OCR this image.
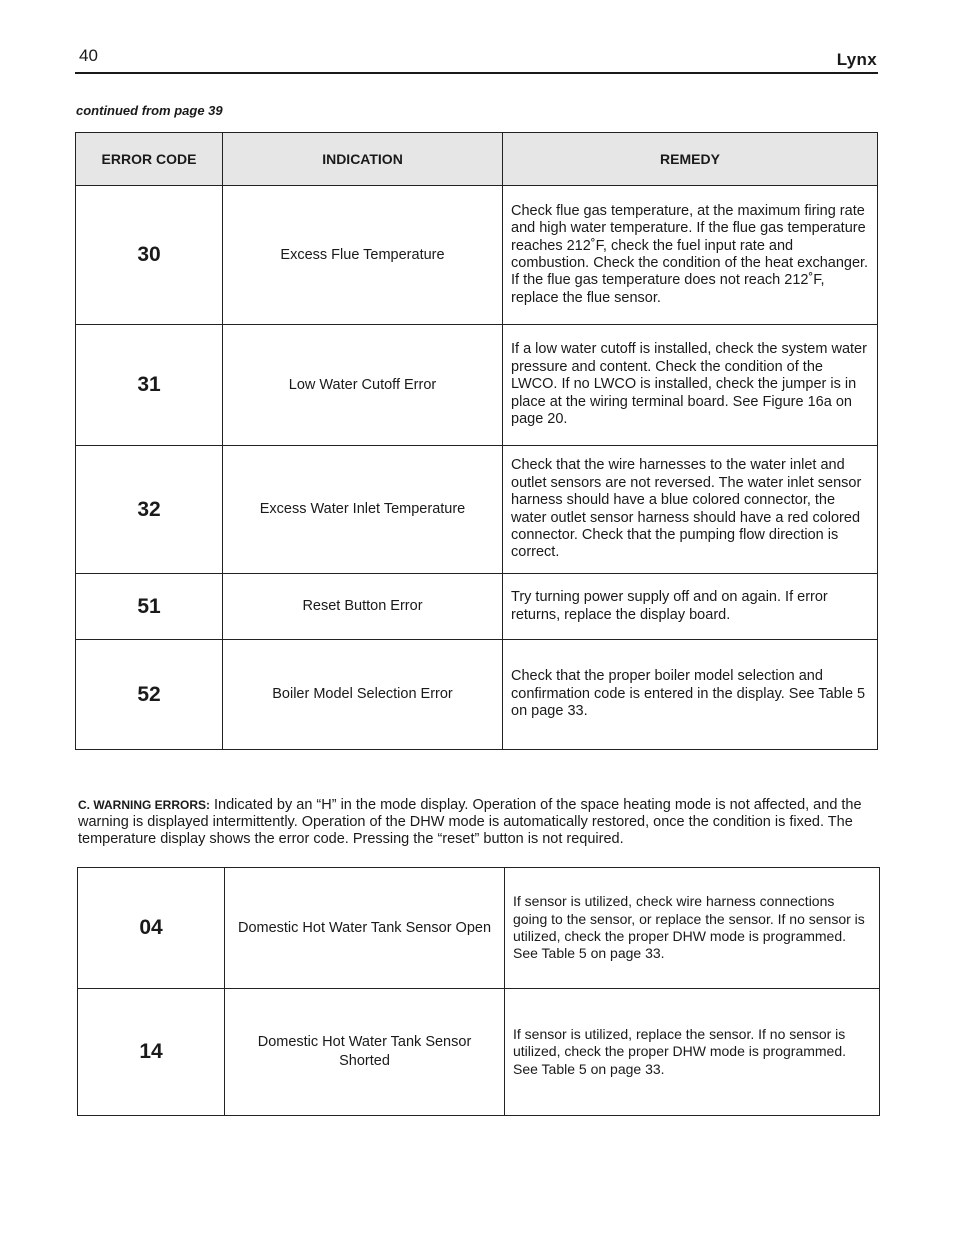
40	Lynx
continued from page 39
ERROR CODE	INDICATION	REMEDY
30	Excess Flue Temperature	Check flue gas temperature, at the maximum firing rate and high water temperature. If the flue gas temperature reaches 212˚F, check the fuel input rate and combustion. Check the condition of the heat exchanger. If the flue gas temperature does not reach 212˚F, replace the flue sensor.
31	Low Water Cutoff Error	If a low water cutoff is installed, check the system water pressure and content. Check the condition of the LWCO. If no LWCO is installed, check the jumper is in place at the wiring terminal board. See Figure 16a on page 20.
32	Excess Water Inlet Temperature	Check that the wire harnesses to the water inlet and outlet sensors are not reversed. The water inlet sensor harness should have a blue colored connector, the water outlet sensor harness should have a red colored connector. Check that the pumping flow direction is correct.
51	Reset Button Error	Try turning power supply off and on again. If error returns, replace the display board.
52	Boiler Model Selection Error	Check that the proper boiler model selection and confirmation code is entered in the display. See Table 5 on page 33.
C. WARNING ERRORS: Indicated by an “H” in the mode display. Operation of the space heating mode is not affected, and the warning is displayed intermittently. Operation of the DHW mode is automatically restored, once the condition is fixed. The temperature display shows the error code. Pressing the “reset” button is not required.
04	Domestic Hot Water Tank Sensor Open	If sensor is utilized, check wire harness connections going to the sensor, or replace the sensor. If no sensor is utilized, check the proper DHW mode is programmed. See Table 5 on page 33.
14	Domestic Hot Water Tank Sensor Shorted	If sensor is utilized, replace the sensor. If no sensor is utilized, check the proper DHW mode is programmed. See Table 5 on page 33.
